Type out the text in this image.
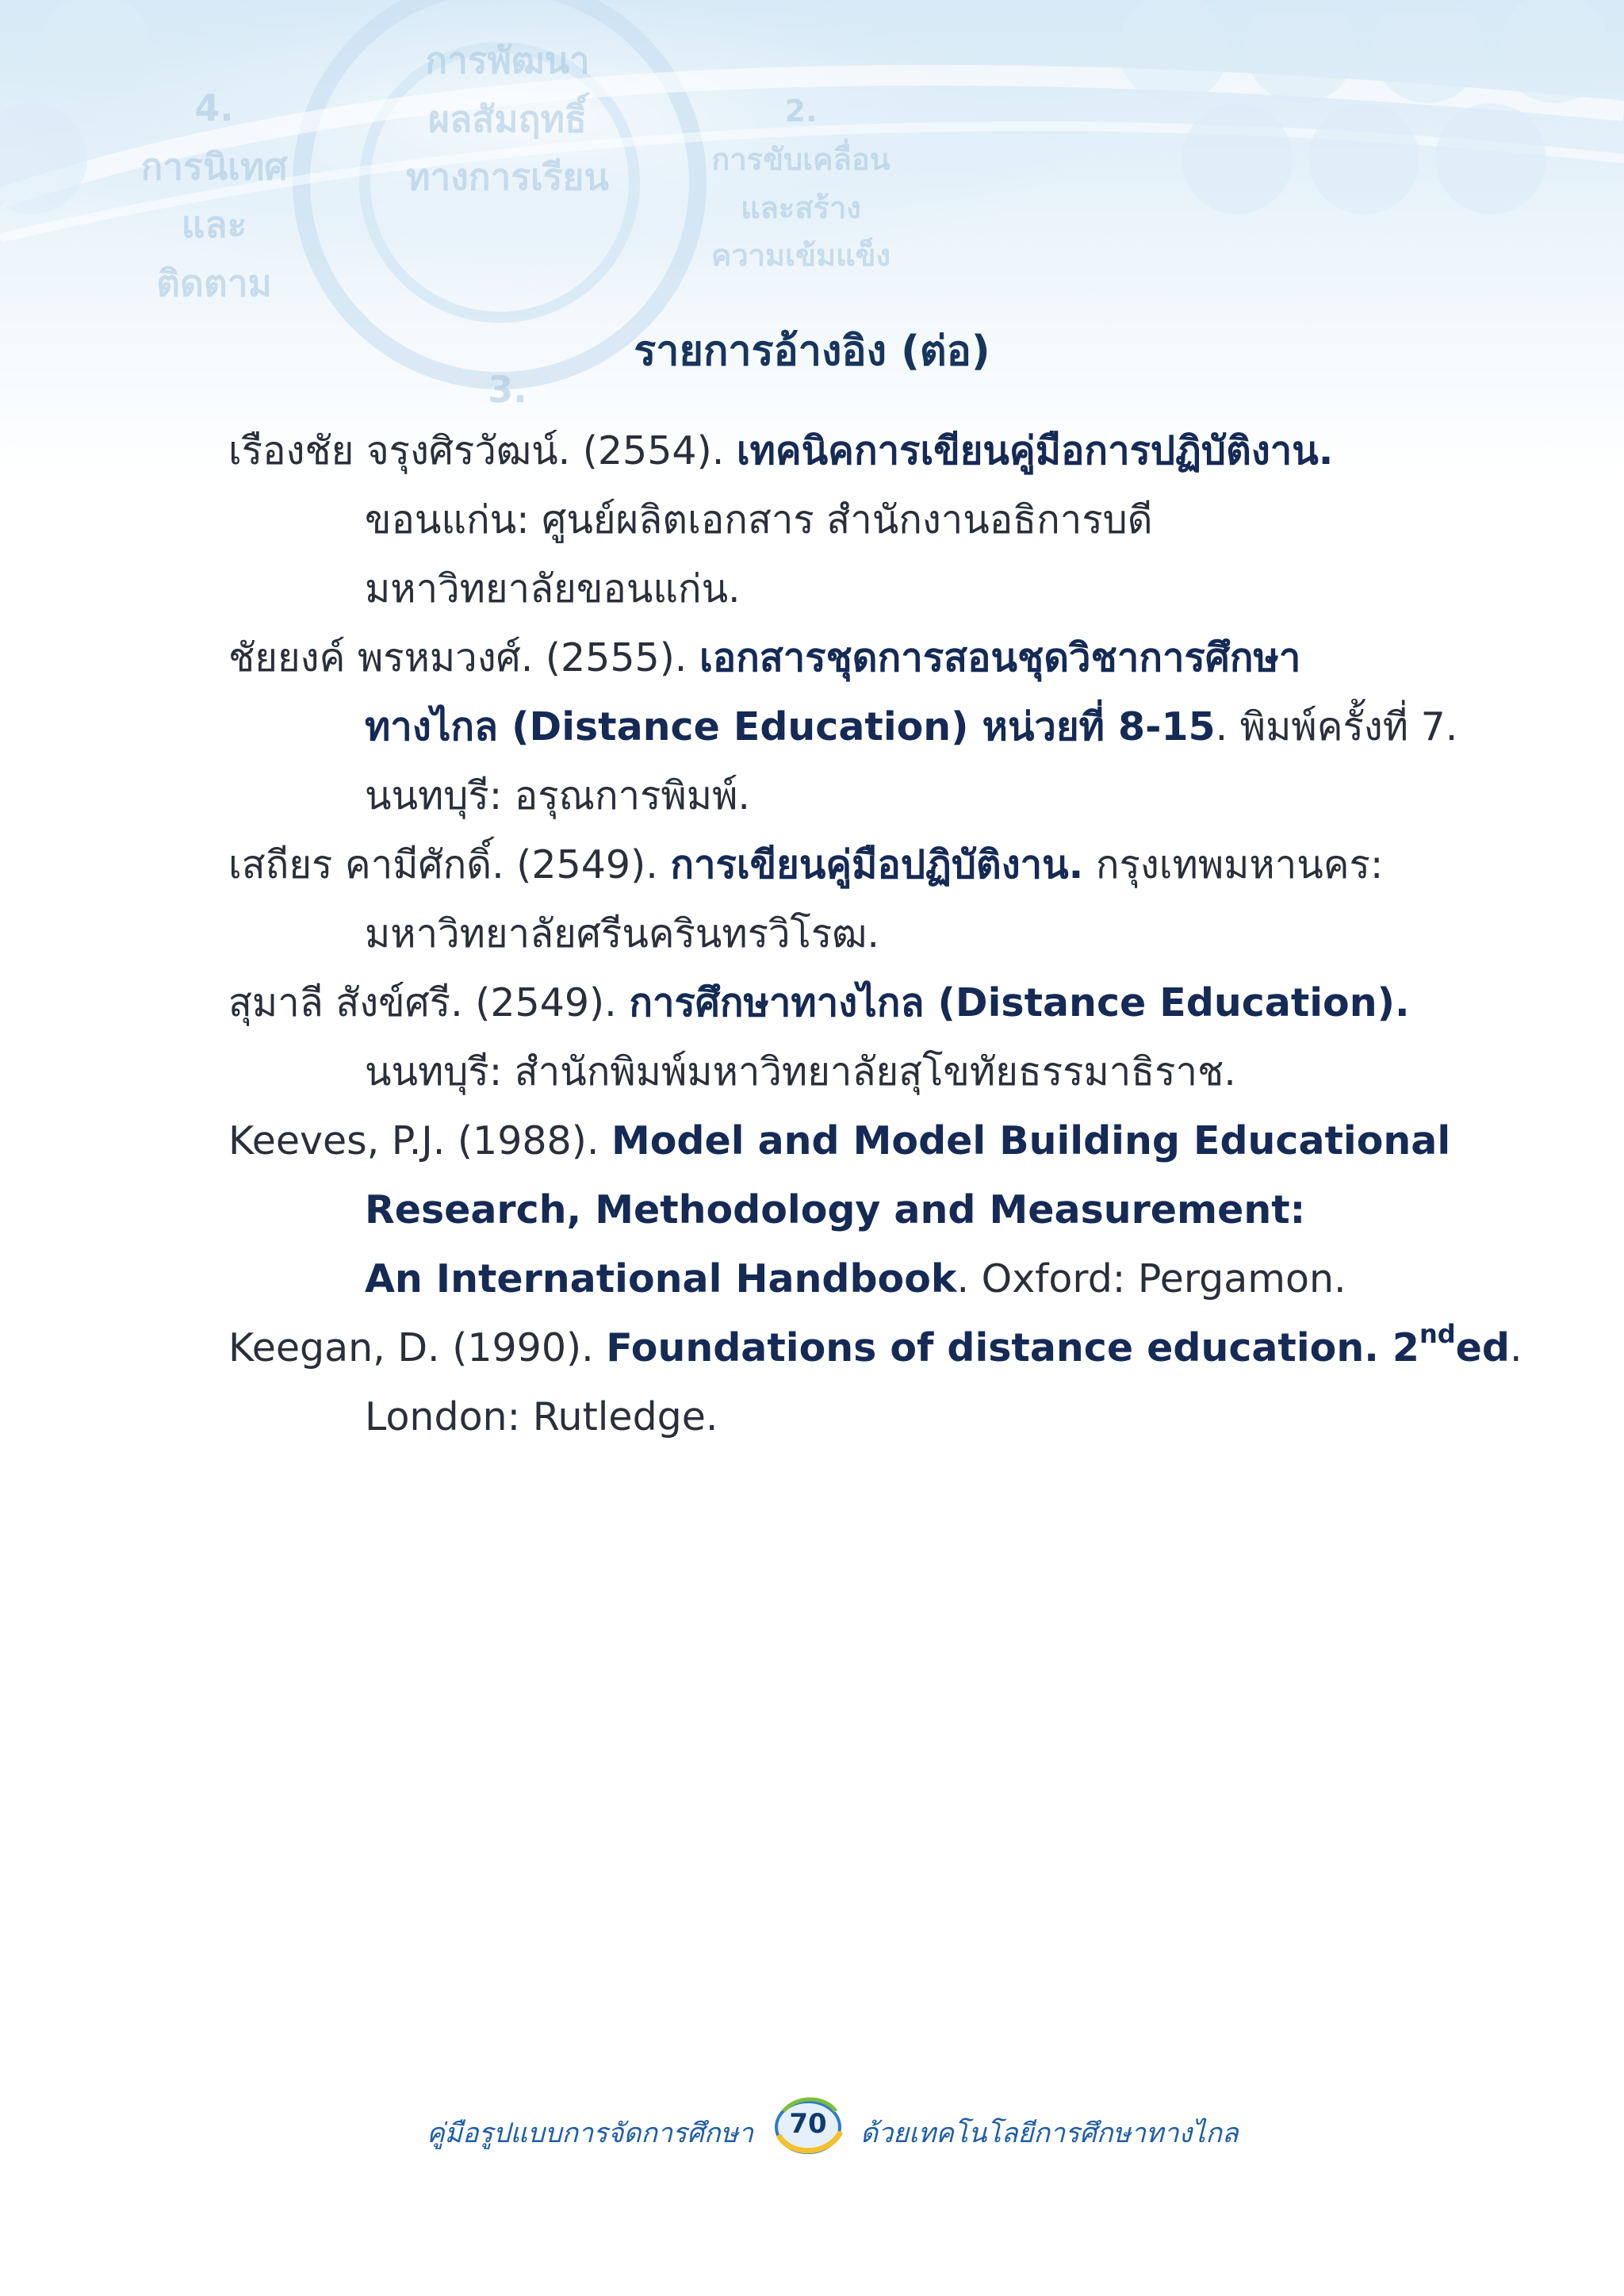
การพัฒนา
ผลสัมฤทธิ์
ทางการเรียน
4.
การนิเทศ
และ
ติดตาม
2.
การขับเคลื่อน
และสร้าง
ความเข้มแข็ง
3.
รายการอ้างอิง (ต่อ)
เรืองชัย จรุงศิรวัฒน์. (2554). เทคนิคการเขียนคู่มือการปฏิบัติงาน.
ขอนแก่น: ศูนย์ผลิตเอกสาร สำนักงานอธิการบดี
มหาวิทยาลัยขอนแก่น.
ชัยยงค์ พรหมวงศ์. (2555). เอกสารชุดการสอนชุดวิชาการศึกษา
ทางไกล (Distance Education) หน่วยที่ 8-15. พิมพ์ครั้งที่ 7.
นนทบุรี: อรุณการพิมพ์.
เสถียร คามีศักดิ์. (2549). การเขียนคู่มือปฏิบัติงาน. กรุงเทพมหานคร:
มหาวิทยาลัยศรีนครินทรวิโรฒ.
สุมาลี สังข์ศรี. (2549). การศึกษาทางไกล (Distance Education).
นนทบุรี: สำนักพิมพ์มหาวิทยาลัยสุโขทัยธรรมาธิราช.
Keeves, P.J. (1988). Model and Model Building Educational
Research, Methodology and Measurement:
An International Handbook. Oxford: Pergamon.
Keegan, D. (1990). Foundations of distance education. 2nded.
London: Rutledge.
คู่มือรูปแบบการจัดการศึกษา 70 ด้วยเทคโนโลยีการศึกษาทางไกล
